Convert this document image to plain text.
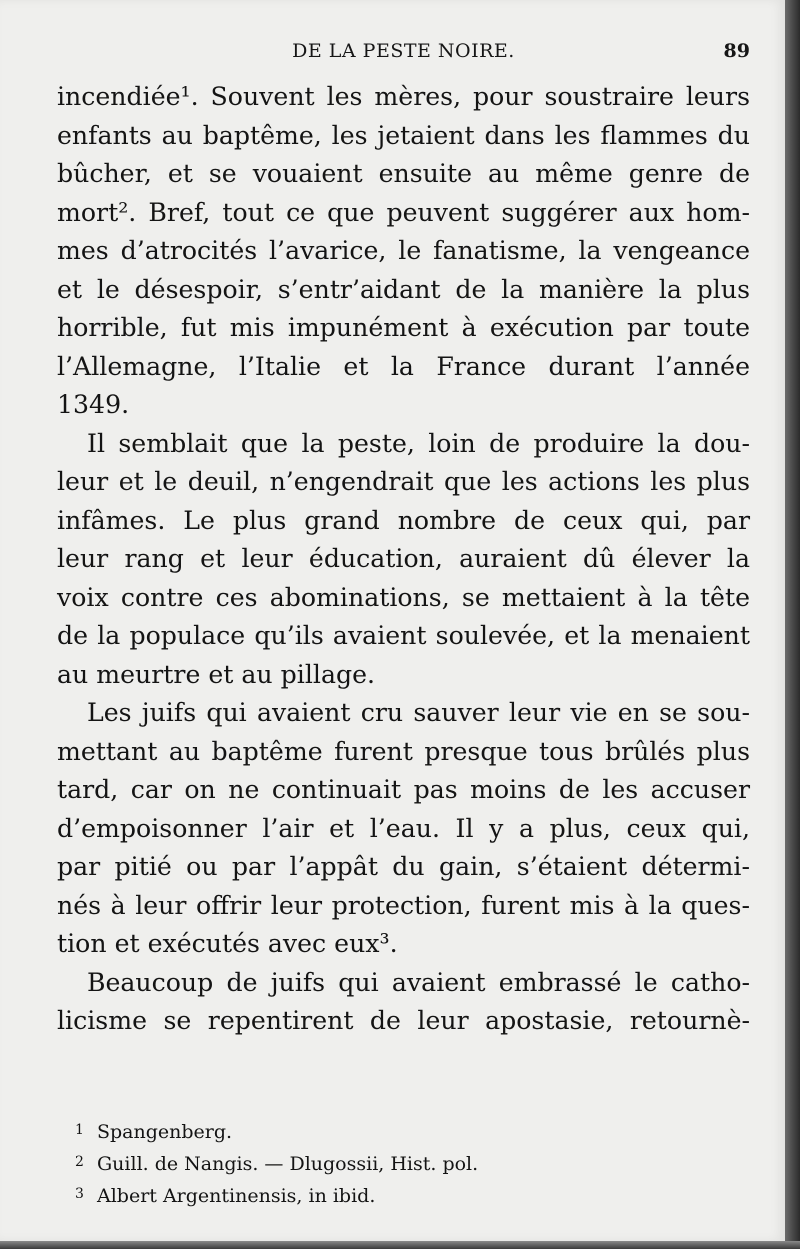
DE LA PESTE NOIRE.	89
incendiée¹. Souvent les mères, pour soustraire leurs
enfants au baptême, les jetaient dans les flammes du
bûcher, et se vouaient ensuite au même genre de
mort². Bref, tout ce que peuvent suggérer aux hom-
mes d’atrocités l’avarice, le fanatisme, la vengeance
et le désespoir, s’entr’aidant de la manière la plus
horrible, fut mis impunément à exécution par toute
l’Allemagne, l’Italie et la France durant l’année
1349.
Il semblait que la peste, loin de produire la dou-
leur et le deuil, n’engendrait que les actions les plus
infâmes. Le plus grand nombre de ceux qui, par
leur rang et leur éducation, auraient dû élever la
voix contre ces abominations, se mettaient à la tête
de la populace qu’ils avaient soulevée, et la menaient
au meurtre et au pillage.
Les juifs qui avaient cru sauver leur vie en se sou-
mettant au baptême furent presque tous brûlés plus
tard, car on ne continuait pas moins de les accuser
d’empoisonner l’air et l’eau. Il y a plus, ceux qui,
par pitié ou par l’appât du gain, s’étaient détermi-
nés à leur offrir leur protection, furent mis à la ques-
tion et exécutés avec eux³.
Beaucoup de juifs qui avaient embrassé le catho-
licisme se repentirent de leur apostasie, retournè-
1 Spangenberg.
2 Guill. de Nangis. — Dlugossii, Hist. pol.
3 Albert Argentinensis, in ibid.
